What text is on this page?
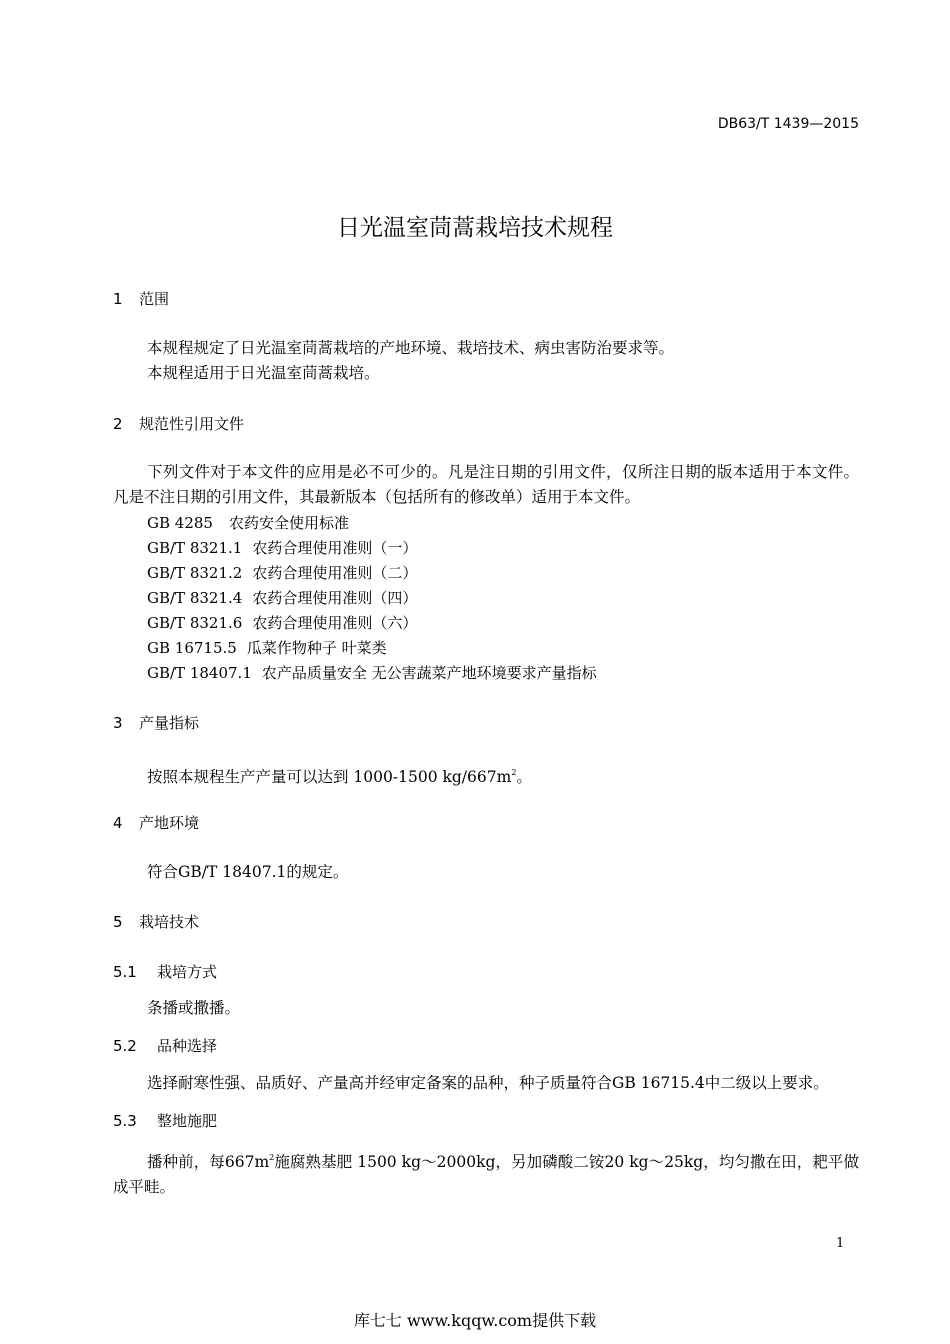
DB63/T 1439—2015
日光温室茼蒿栽培技术规程
1 范围
本规程规定了日光温室茼蒿栽培的产地环境、栽培技术、病虫害防治要求等。
本规程适用于日光温室茼蒿栽培。
2 规范性引用文件
下列文件对于本文件的应用是必不可少的。凡是注日期的引用文件，仅所注日期的版本适用于本文件。凡是不注日期的引用文件，其最新版本（包括所有的修改单）适用于本文件。
GB 4285 农药安全使用标准
GB/T 8321.1 农药合理使用准则（一）
GB/T 8321.2 农药合理使用准则（二）
GB/T 8321.4 农药合理使用准则（四）
GB/T 8321.6 农药合理使用准则（六）
GB 16715.5 瓜菜作物种子 叶菜类
GB/T 18407.1 农产品质量安全 无公害蔬菜产地环境要求产量指标
3 产量指标
按照本规程生产产量可以达到 1000-1500 $kg/667m^2$。
4 产地环境
符合GB/T 18407.1的规定。
5 栽培技术
5.1 栽培方式
条播或撒播。
5.2 品种选择
选择耐寒性强、品质好、产量高并经审定备案的品种，种子质量符合GB 16715.4中二级以上要求。
5.3 整地施肥
播种前，每$667m^2$施腐熟基肥 1500 kg～2000kg，另加磷酸二铵20 kg～25kg，均匀撒在田，耙平做成平畦。
1
库七七 www.kqqw.com提供下载
